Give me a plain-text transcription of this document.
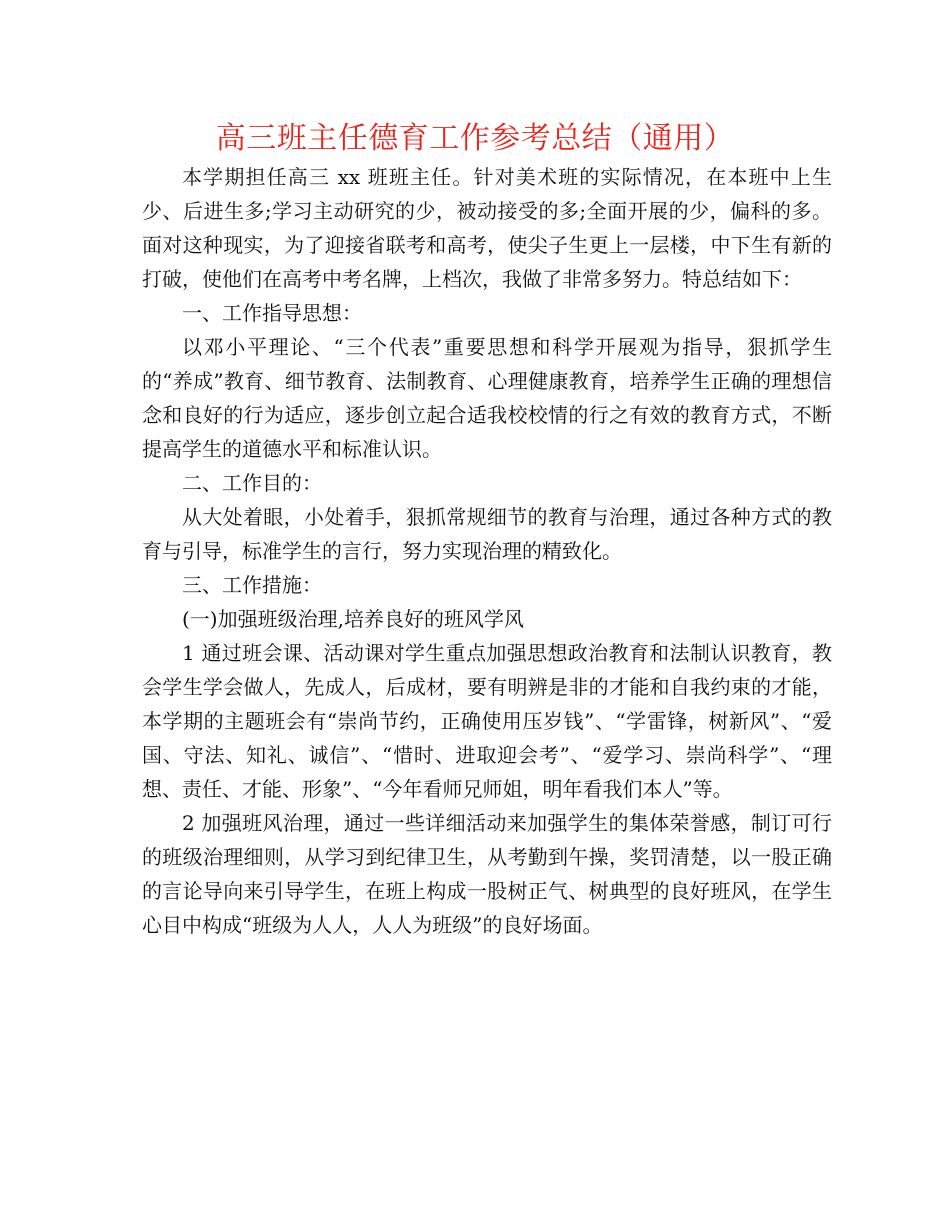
高三班主任德育工作参考总结（通用）

本学期担任高三 xx 班班主任。针对美术班的实际情况，在本班中上生少、后进生多;学习主动研究的少，被动接受的多;全面开展的少，偏科的多。面对这种现实，为了迎接省联考和高考，使尖子生更上一层楼，中下生有新的打破，使他们在高考中考名牌，上档次，我做了非常多努力。特总结如下：

一、工作指导思想：

以邓小平理论、“三个代表”重要思想和科学开展观为指导，狠抓学生的“养成”教育、细节教育、法制教育、心理健康教育，培养学生正确的理想信念和良好的行为适应，逐步创立起合适我校校情的行之有效的教育方式，不断提高学生的道德水平和标准认识。

二、工作目的：

从大处着眼，小处着手，狠抓常规细节的教育与治理，通过各种方式的教育与引导，标准学生的言行，努力实现治理的精致化。

三、工作措施：

(一)加强班级治理,培养良好的班风学风

1 通过班会课、活动课对学生重点加强思想政治教育和法制认识教育，教会学生学会做人，先成人，后成材，要有明辨是非的才能和自我约束的才能，本学期的主题班会有“崇尚节约，正确使用压岁钱”、“学雷锋，树新风”、“爱国、守法、知礼、诚信”、“惜时、进取迎会考”、“爱学习、崇尚科学”、“理想、责任、才能、形象”、“今年看师兄师姐，明年看我们本人”等。

2 加强班风治理，通过一些详细活动来加强学生的集体荣誉感，制订可行的班级治理细则，从学习到纪律卫生，从考勤到午操，奖罚清楚，以一股正确的言论导向来引导学生，在班上构成一股树正气、树典型的良好班风，在学生心目中构成“班级为人人，人人为班级”的良好场面。
